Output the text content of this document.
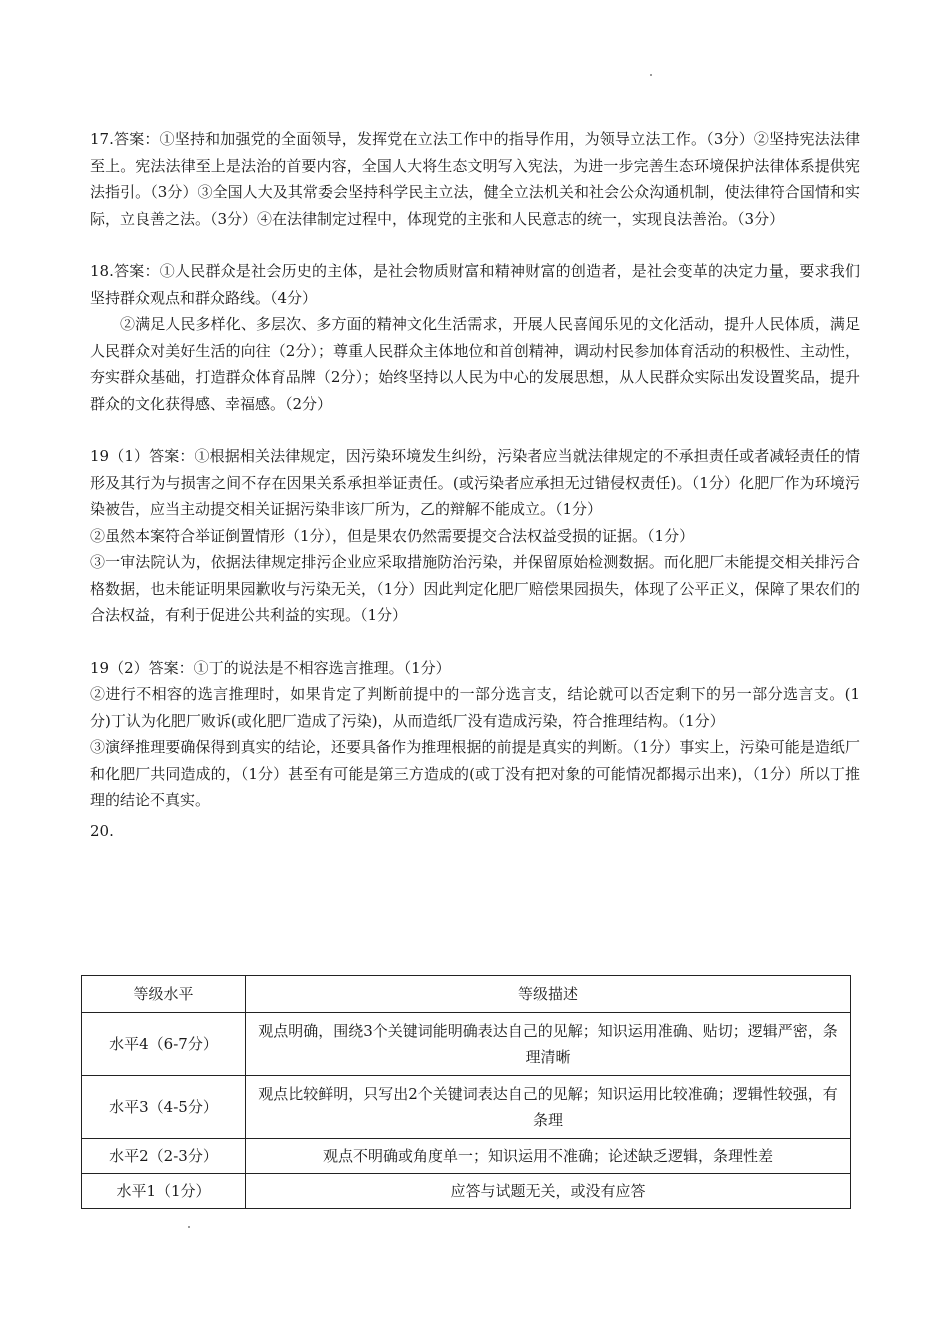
17.答案：①坚持和加强党的全面领导，发挥党在立法工作中的指导作用，为领导立法工作。（3分）②坚持宪法法律至上。宪法法律至上是法治的首要内容，全国人大将生态文明写入宪法，为进一步完善生态环境保护法律体系提供宪法指引。（3分）③全国人大及其常委会坚持科学民主立法，健全立法机关和社会公众沟通机制，使法律符合国情和实际，立良善之法。（3分）④在法律制定过程中，体现党的主张和人民意志的统一，实现良法善治。（3分）

18.答案：①人民群众是社会历史的主体，是社会物质财富和精神财富的创造者，是社会变革的决定力量，要求我们坚持群众观点和群众路线。（4分）

②满足人民多样化、多层次、多方面的精神文化生活需求，开展人民喜闻乐见的文化活动，提升人民体质，满足人民群众对美好生活的向往（2分）；尊重人民群众主体地位和首创精神，调动村民参加体育活动的积极性、主动性，夯实群众基础，打造群众体育品牌（2分）；始终坚持以人民为中心的发展思想，从人民群众实际出发设置奖品，提升群众的文化获得感、幸福感。（2分）

19（1）答案：①根据相关法律规定，因污染环境发生纠纷，污染者应当就法律规定的不承担责任或者减轻责任的情形及其行为与损害之间不存在因果关系承担举证责任。(或污染者应承担无过错侵权责任)。（1分）化肥厂作为环境污染被告，应当主动提交相关证据污染非该厂所为，乙的辩解不能成立。（1分）

②虽然本案符合举证倒置情形（1分），但是果农仍然需要提交合法权益受损的证据。（1分）

③一审法院认为，依据法律规定排污企业应采取措施防治污染，并保留原始检测数据。而化肥厂未能提交相关排污合格数据，也未能证明果园歉收与污染无关，（1分）因此判定化肥厂赔偿果园损失，体现了公平正义，保障了果农们的合法权益，有利于促进公共利益的实现。（1分）

19（2）答案：①丁的说法是不相容选言推理。（1分）

②进行不相容的选言推理时，如果肯定了判断前提中的一部分选言支，结论就可以否定剩下的另一部分选言支。(1分)丁认为化肥厂败诉(或化肥厂造成了污染)，从而造纸厂没有造成污染，符合推理结构。（1分）

③演绎推理要确保得到真实的结论，还要具备作为推理根据的前提是真实的判断。（1分）事实上，污染可能是造纸厂和化肥厂共同造成的，（1分）甚至有可能是第三方造成的(或丁没有把对象的可能情况都揭示出来)，（1分）所以丁推理的结论不真实。

20.

等级水平	等级描述
水平4（6-7分）	观点明确，围绕3个关键词能明确表达自己的见解；知识运用准确、贴切；逻辑严密，条理清晰
水平3（4-5分）	观点比较鲜明，只写出2个关键词表达自己的见解；知识运用比较准确；逻辑性较强，有条理
水平2（2-3分）	观点不明确或角度单一；知识运用不准确；论述缺乏逻辑，条理性差
水平1（1分）	应答与试题无关，或没有应答
